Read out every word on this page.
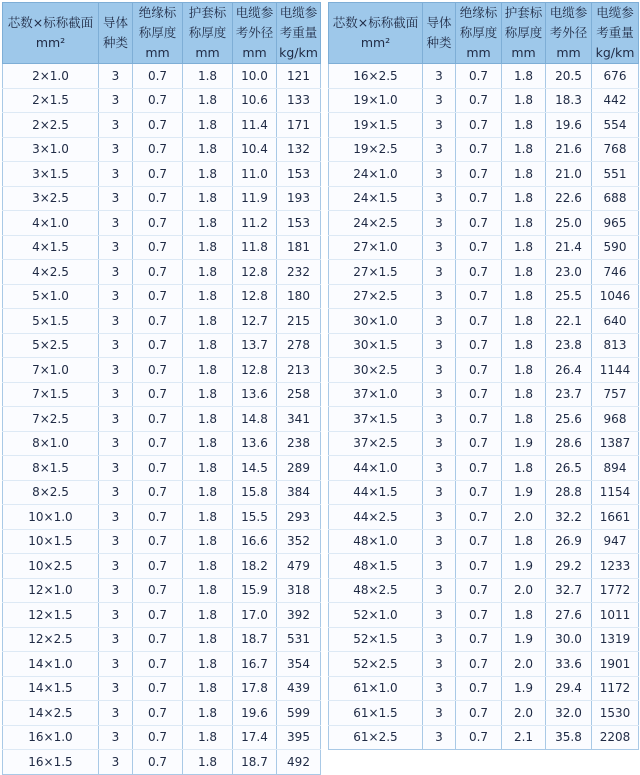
芯数×标称截面
mm²	导体
种类	绝缘标
称厚度
mm	护套标
称厚度
mm	电缆参
考外径
mm	电缆参
考重量
kg/km

2×1.0	3	0.7	1.8	10.0	121
2×1.5	3	0.7	1.8	10.6	133
2×2.5	3	0.7	1.8	11.4	171
3×1.0	3	0.7	1.8	10.4	132
3×1.5	3	0.7	1.8	11.0	153
3×2.5	3	0.7	1.8	11.9	193
4×1.0	3	0.7	1.8	11.2	153
4×1.5	3	0.7	1.8	11.8	181
4×2.5	3	0.7	1.8	12.8	232
5×1.0	3	0.7	1.8	12.8	180
5×1.5	3	0.7	1.8	12.7	215
5×2.5	3	0.7	1.8	13.7	278
7×1.0	3	0.7	1.8	12.8	213
7×1.5	3	0.7	1.8	13.6	258
7×2.5	3	0.7	1.8	14.8	341
8×1.0	3	0.7	1.8	13.6	238
8×1.5	3	0.7	1.8	14.5	289
8×2.5	3	0.7	1.8	15.8	384
10×1.0	3	0.7	1.8	15.5	293
10×1.5	3	0.7	1.8	16.6	352
10×2.5	3	0.7	1.8	18.2	479
12×1.0	3	0.7	1.8	15.9	318
12×1.5	3	0.7	1.8	17.0	392
12×2.5	3	0.7	1.8	18.7	531
14×1.0	3	0.7	1.8	16.7	354
14×1.5	3	0.7	1.8	17.8	439
14×2.5	3	0.7	1.8	19.6	599
16×1.0	3	0.7	1.8	17.4	395
16×1.5	3	0.7	1.8	18.7	492
芯数×标称截面
mm²	导体
种类	绝缘标
称厚度
mm	护套标
称厚度
mm	电缆参
考外径
mm	电缆参
考重量
kg/km

16×2.5	3	0.7	1.8	20.5	676
19×1.0	3	0.7	1.8	18.3	442
19×1.5	3	0.7	1.8	19.6	554
19×2.5	3	0.7	1.8	21.6	768
24×1.0	3	0.7	1.8	21.0	551
24×1.5	3	0.7	1.8	22.6	688
24×2.5	3	0.7	1.8	25.0	965
27×1.0	3	0.7	1.8	21.4	590
27×1.5	3	0.7	1.8	23.0	746
27×2.5	3	0.7	1.8	25.5	1046
30×1.0	3	0.7	1.8	22.1	640
30×1.5	3	0.7	1.8	23.8	813
30×2.5	3	0.7	1.8	26.4	1144
37×1.0	3	0.7	1.8	23.7	757
37×1.5	3	0.7	1.8	25.6	968
37×2.5	3	0.7	1.9	28.6	1387
44×1.0	3	0.7	1.8	26.5	894
44×1.5	3	0.7	1.9	28.8	1154
44×2.5	3	0.7	2.0	32.2	1661
48×1.0	3	0.7	1.8	26.9	947
48×1.5	3	0.7	1.9	29.2	1233
48×2.5	3	0.7	2.0	32.7	1772
52×1.0	3	0.7	1.8	27.6	1011
52×1.5	3	0.7	1.9	30.0	1319
52×2.5	3	0.7	2.0	33.6	1901
61×1.0	3	0.7	1.9	29.4	1172
61×1.5	3	0.7	2.0	32.0	1530
61×2.5	3	0.7	2.1	35.8	2208
